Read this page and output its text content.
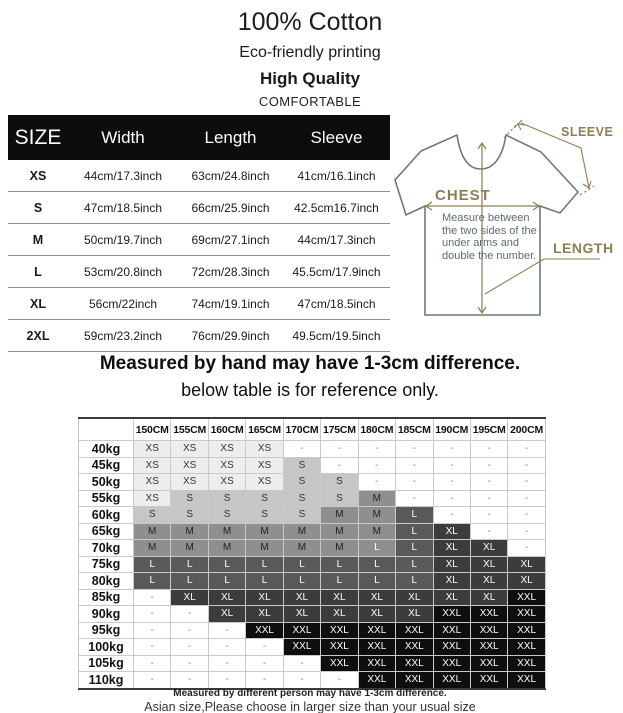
100% Cotton
Eco-friendly printing
High Quality
COMFORTABLE
SIZE	Width	Length	Sleeve
XS	44cm/17.3inch	63cm/24.8inch	41cm/16.1inch
S	47cm/18.5inch	66cm/25.9inch	42.5cm16.7inch
M	50cm/19.7inch	69cm/27.1inch	44cm/17.3inch
L	53cm/20.8inch	72cm/28.3inch	45.5cm/17.9inch
XL	56cm/22inch	74cm/19.1inch	47cm/18.5inch
2XL	59cm/23.2inch	76cm/29.9inch	49.5cm/19.5inch
SLEEVE
CHEST
LENGTH
Measure between the two sides of the under arms and double the number.

Measured by hand may have 1-3cm difference.

below table is for reference only.

	150CM	155CM	160CM	165CM	170CM	175CM	180CM	185CM	190CM	195CM	200CM
40kg	XS	XS	XS	XS	-	-	-	-	-	-	-
45kg	XS	XS	XS	XS	S	-	-	-	-	-	-
50kg	XS	XS	XS	XS	S	S	-	-	-	-	-
55kg	XS	S	S	S	S	S	M	-	-	-	-
60kg	S	S	S	S	S	M	M	L	-	-	-
65kg	M	M	M	M	M	M	M	L	XL	-	-
70kg	M	M	M	M	M	M	L	L	XL	XL	-
75kg	L	L	L	L	L	L	L	L	XL	XL	XL
80kg	L	L	L	L	L	L	L	L	XL	XL	XL
85kg	-	XL	XL	XL	XL	XL	XL	XL	XL	XL	XXL
90kg	-	-	XL	XL	XL	XL	XL	XL	XXL	XXL	XXL
95kg	-	-	-	XXL	XXL	XXL	XXL	XXL	XXL	XXL	XXL
100kg	-	-	-	-	XXL	XXL	XXL	XXL	XXL	XXL	XXL
105kg	-	-	-	-	-	XXL	XXL	XXL	XXL	XXL	XXL
110kg	-	-	-	-	-	-	XXL	XXL	XXL	XXL	XXL

Measured by different person may have 1-3cm difference.

Asian size,Please choose in larger size than your usual size
